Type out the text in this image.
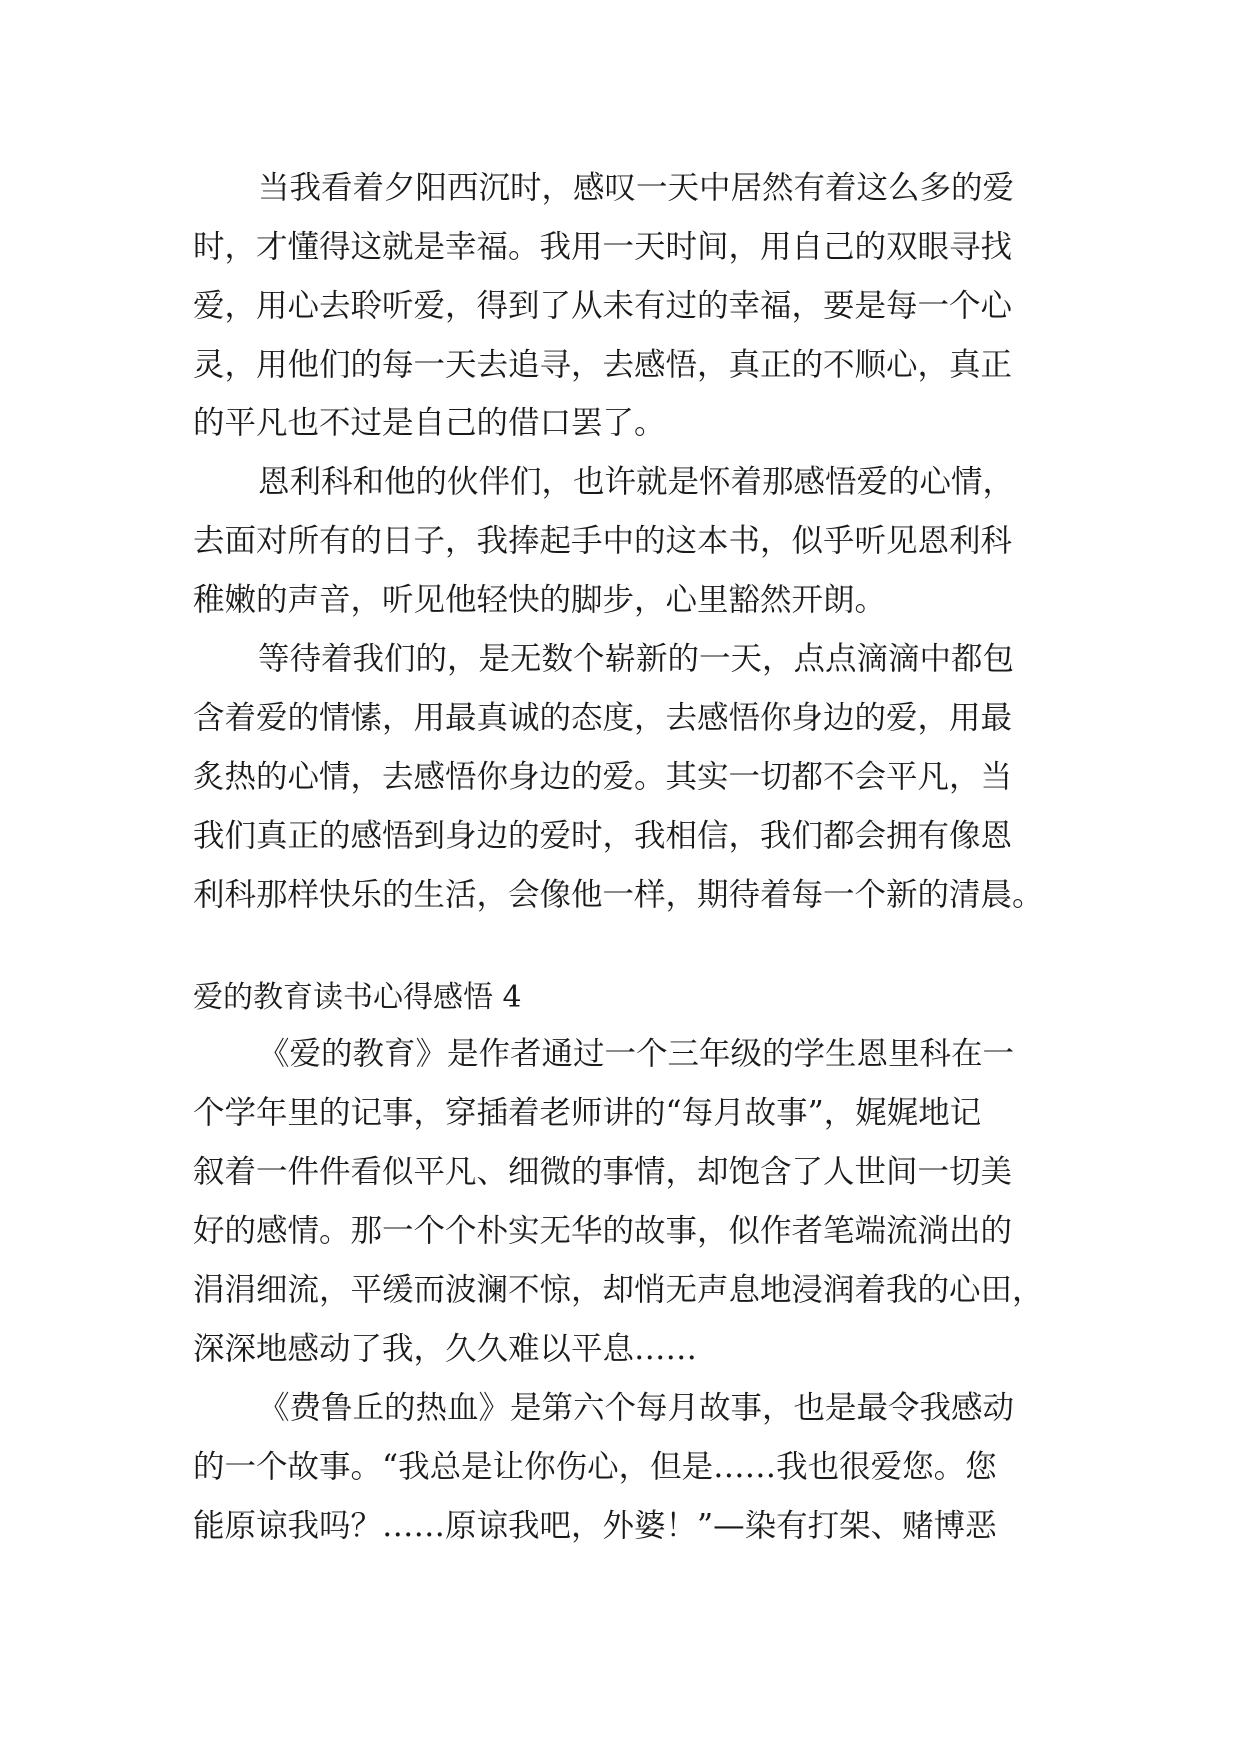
当我看着夕阳西沉时，感叹一天中居然有着这么多的爱
时，才懂得这就是幸福。我用一天时间，用自己的双眼寻找
爱，用心去聆听爱，得到了从未有过的幸福，要是每一个心
灵，用他们的每一天去追寻，去感悟，真正的不顺心，真正
的平凡也不过是自己的借口罢了。
恩利科和他的伙伴们，也许就是怀着那感悟爱的心情，
去面对所有的日子，我捧起手中的这本书，似乎听见恩利科
稚嫩的声音，听见他轻快的脚步，心里豁然开朗。
等待着我们的，是无数个崭新的一天，点点滴滴中都包
含着爱的情愫，用最真诚的态度，去感悟你身边的爱，用最
炙热的心情，去感悟你身边的爱。其实一切都不会平凡，当
我们真正的感悟到身边的爱时，我相信，我们都会拥有像恩
利科那样快乐的生活，会像他一样，期待着每一个新的清晨。
爱的教育读书心得感悟 4
《爱的教育》是作者通过一个三年级的学生恩里科在一
个学年里的记事，穿插着老师讲的“每月故事”，娓娓地记
叙着一件件看似平凡、细微的事情，却饱含了人世间一切美
好的感情。那一个个朴实无华的故事，似作者笔端流淌出的
涓涓细流，平缓而波澜不惊，却悄无声息地浸润着我的心田，
深深地感动了我，久久难以平息……
《费鲁丘的热血》是第六个每月故事，也是最令我感动
的一个故事。“我总是让你伤心，但是……我也很爱您。您
能原谅我吗？……原谅我吧，外婆！”—染有打架、赌博恶
